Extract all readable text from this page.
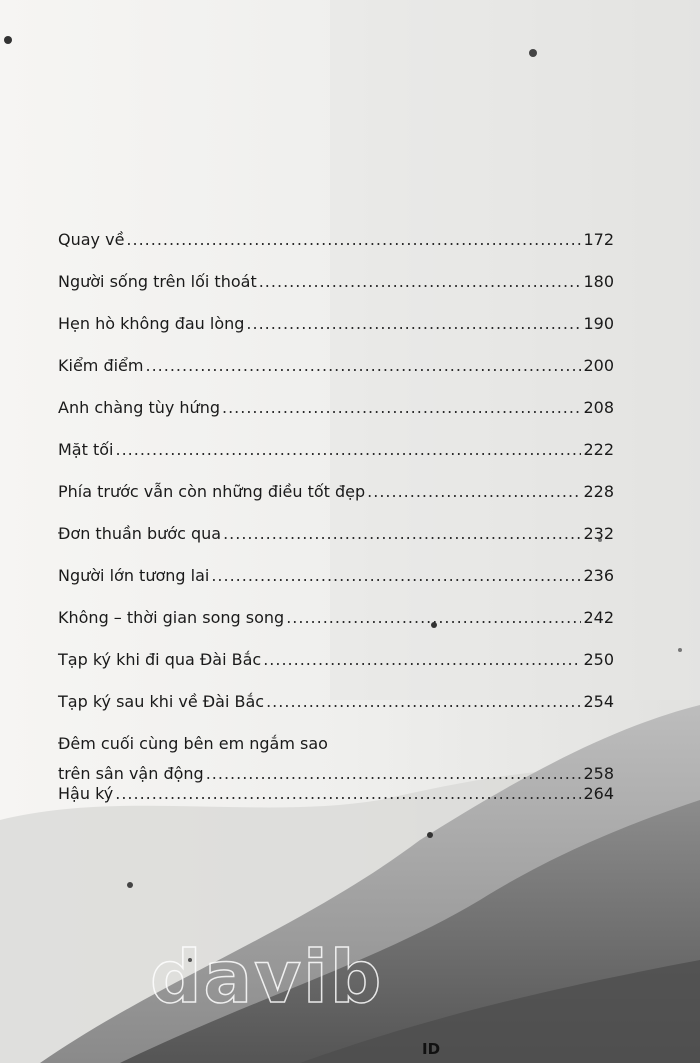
Quay về .....	172
Người sống trên lối thoát .....	180
Hẹn hò không đau lòng .....	190
Kiểm điểm .....	200
Anh chàng tùy hứng .....	208
Mặt tối .....	222
Phía trước vẫn còn những điều tốt đẹp .....	228
Đơn thuần bước qua .....	232
Người lớn tương lai .....	236
Không – thời gian song song .....	242
Tạp ký khi đi qua Đài Bắc .....	250
Tạp ký sau khi về Đài Bắc .....	254
Đêm cuối cùng bên em ngắm sao
trên sân vận động .....	258
Hậu ký .....	264
davib
ID
